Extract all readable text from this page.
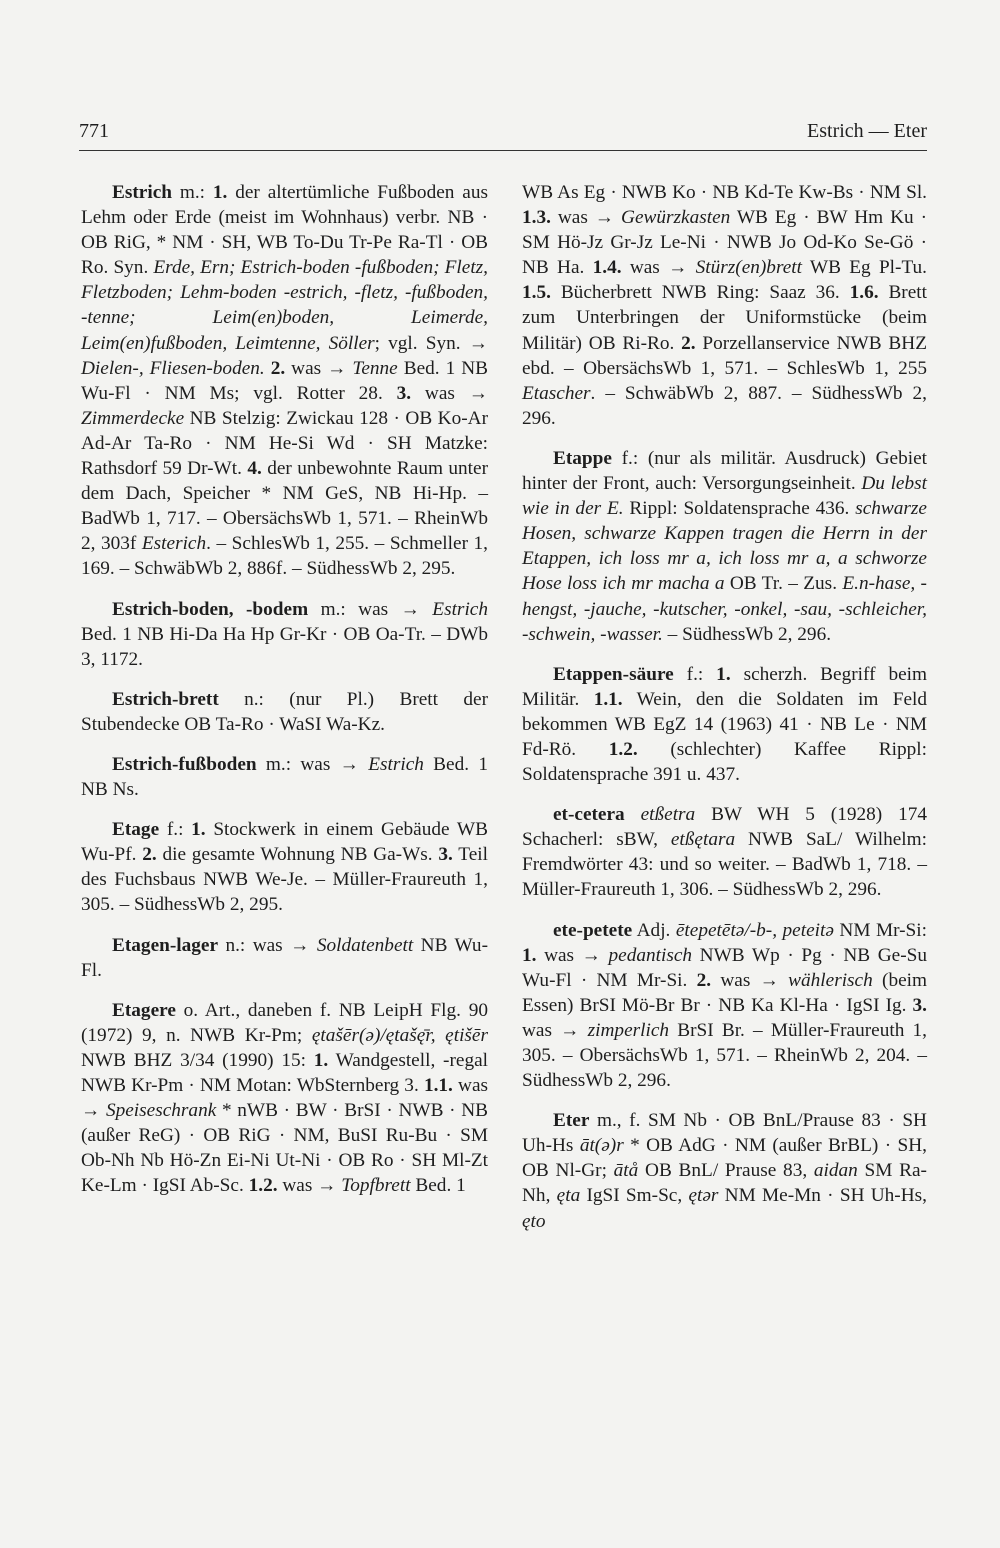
771	Estrich — Eter

Estrich m.: 1. der altertümliche Fußboden aus Lehm oder Erde (meist im Wohnhaus) verbr. NB · OB RiG, * NM · SH, WB To-Du Tr-Pe Ra-Tl · OB Ro. Syn. Erde, Ern; Estrich-boden -fußboden; Fletz, Fletzboden; Lehm-boden -estrich, -fletz, -fußboden, -tenne; Leim(en)boden, Leimerde, Leim(en)fußboden, Leimtenne, Söller; vgl. Syn. → Dielen-, Fliesen-boden. 2. was → Tenne Bed. 1 NB Wu-Fl · NM Ms; vgl. Rotter 28. 3. was → Zimmerdecke NB Stelzig: Zwickau 128 · OB Ko-Ar Ad-Ar Ta-Ro · NM He-Si Wd · SH Matzke: Rathsdorf 59 Dr-Wt. 4. der unbewohnte Raum unter dem Dach, Speicher * NM GeS, NB Hi-Hp. – BadWb 1, 717. – ObersächsWb 1, 571. – RheinWb 2, 303f Esterich. – SchlesWb 1, 255. – Schmeller 1, 169. – SchwäbWb 2, 886f. – SüdhessWb 2, 295.

Estrich-boden, -bodem m.: was → Estrich Bed. 1 NB Hi-Da Ha Hp Gr-Kr · OB Oa-Tr. – DWb 3, 1172.

Estrich-brett n.: (nur Pl.) Brett der Stubendecke OB Ta-Ro · WaSI Wa-Kz.

Estrich-fußboden m.: was → Estrich Bed. 1 NB Ns.

Etage f.: 1. Stockwerk in einem Gebäude WB Wu-Pf. 2. die gesamte Wohnung NB Ga-Ws. 3. Teil des Fuchsbaus NWB We-Je. – Müller-Fraureuth 1, 305. – SüdhessWb 2, 295.

Etagen-lager n.: was → Soldatenbett NB Wu-Fl.

Etagere o. Art., daneben f. NB LeipH Flg. 90 (1972) 9, n. NWB Kr-Pm; ętašēr(ə)/ętašę̄r, ętišēr NWB BHZ 3/34 (1990) 15: 1. Wandgestell, -regal NWB Kr-Pm · NM Motan: WbSternberg 3. 1.1. was → Speiseschrank * nWB · BW · BrSI · NWB · NB (außer ReG) · OB RiG · NM, BuSI Ru-Bu · SM Ob-Nh Nb Hö-Zn Ei-Ni Ut-Ni · OB Ro · SH Ml-Zt Ke-Lm · IgSI Ab-Sc. 1.2. was → Topfbrett Bed. 1

WB As Eg · NWB Ko · NB Kd-Te Kw-Bs · NM Sl. 1.3. was → Gewürzkasten WB Eg · BW Hm Ku · SM Hö-Jz Gr-Jz Le-Ni · NWB Jo Od-Ko Se-Gö · NB Ha. 1.4. was → Stürz(en)brett WB Eg Pl-Tu. 1.5. Bücherbrett NWB Ring: Saaz 36. 1.6. Brett zum Unterbringen der Uniformstücke (beim Militär) OB Ri-Ro. 2. Porzellanservice NWB BHZ ebd. – ObersächsWb 1, 571. – SchlesWb 1, 255 Etascher. – SchwäbWb 2, 887. – SüdhessWb 2, 296.

Etappe f.: (nur als militär. Ausdruck) Gebiet hinter der Front, auch: Versorgungseinheit. Du lebst wie in der E. Rippl: Soldatensprache 436. schwarze Hosen, schwarze Kappen tragen die Herrn in der Etappen, ich loss mr a, ich loss mr a, a schworze Hose loss ich mr macha a OB Tr. – Zus. E.n-hase, -hengst, -jauche, -kutscher, -onkel, -sau, -schleicher, -schwein, -wasser. – SüdhessWb 2, 296.

Etappen-säure f.: 1. scherzh. Begriff beim Militär. 1.1. Wein, den die Soldaten im Feld bekommen WB EgZ 14 (1963) 41 · NB Le · NM Fd-Rö. 1.2. (schlechter) Kaffee Rippl: Soldatensprache 391 u. 437.

et-cetera etßetra BW WH 5 (1928) 174 Schacherl: sBW, etßętara NWB SaL/ Wilhelm: Fremdwörter 43: und so weiter. – BadWb 1, 718. – Müller-Fraureuth 1, 306. – SüdhessWb 2, 296.

ete-petete Adj. ētepetētə/-b-, peteitə NM Mr-Si: 1. was → pedantisch NWB Wp · Pg · NB Ge-Su Wu-Fl · NM Mr-Si. 2. was → wählerisch (beim Essen) BrSI Mö-Br Br · NB Ka Kl-Ha · IgSI Ig. 3. was → zimperlich BrSI Br. – Müller-Fraureuth 1, 305. – ObersächsWb 1, 571. – RheinWb 2, 204. – SüdhessWb 2, 296.

Eter m., f. SM Nb · OB BnL/Prause 83 · SH Uh-Hs āt(ə)r * OB AdG · NM (außer BrBL) · SH, OB Nl-Gr; ātå OB BnL/ Prause 83, aidan SM Ra-Nh, ęta IgSI Sm-Sc, ętər NM Me-Mn · SH Uh-Hs, ęto
